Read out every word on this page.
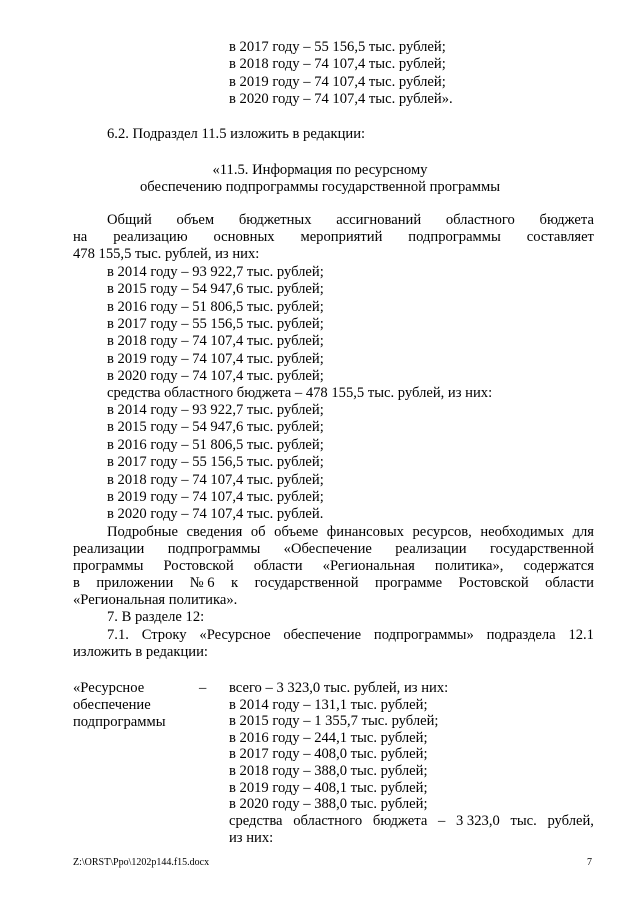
в 2017 году – 55 156,5 тыс. рублей;
в 2018 году – 74 107,4 тыс. рублей;
в 2019 году – 74 107,4 тыс. рублей;
в 2020 году – 74 107,4 тыс. рублей».
6.2. Подраздел 11.5 изложить в редакции:
«11.5. Информация по ресурсному
обеспечению подпрограммы государственной программы
Общий объем бюджетных ассигнований областного бюджета
на реализацию основных мероприятий подпрограммы составляет
478 155,5 тыс. рублей, из них:
в 2014 году – 93 922,7 тыс. рублей;
в 2015 году – 54 947,6 тыс. рублей;
в 2016 году – 51 806,5 тыс. рублей;
в 2017 году – 55 156,5 тыс. рублей;
в 2018 году – 74 107,4 тыс. рублей;
в 2019 году – 74 107,4 тыс. рублей;
в 2020 году – 74 107,4 тыс. рублей;
средства областного бюджета – 478 155,5 тыс. рублей, из них:
в 2014 году – 93 922,7 тыс. рублей;
в 2015 году – 54 947,6 тыс. рублей;
в 2016 году – 51 806,5 тыс. рублей;
в 2017 году – 55 156,5 тыс. рублей;
в 2018 году – 74 107,4 тыс. рублей;
в 2019 году – 74 107,4 тыс. рублей;
в 2020 году – 74 107,4 тыс. рублей.
Подробные сведения об объеме финансовых ресурсов, необходимых для
реализации подпрограммы «Обеспечение реализации государственной
программы Ростовской области «Региональная политика», содержатся
в приложении № 6 к государственной программе Ростовской области
«Региональная политика».
7. В разделе 12:
7.1. Строку «Ресурсное обеспечение подпрограммы» подраздела 12.1
изложить в редакции:
«Ресурсное
обеспечение
подпрограммы
– всего – 3 323,0 тыс. рублей, из них:
в 2014 году – 131,1 тыс. рублей;
в 2015 году – 1 355,7 тыс. рублей;
в 2016 году – 244,1 тыс. рублей;
в 2017 году – 408,0 тыс. рублей;
в 2018 году – 388,0 тыс. рублей;
в 2019 году – 408,1 тыс. рублей;
в 2020 году – 388,0 тыс. рублей;
средства областного бюджета – 3 323,0 тыс. рублей,
из них:
Z:\ORST\Ppo\1202p144.f15.docx	7
